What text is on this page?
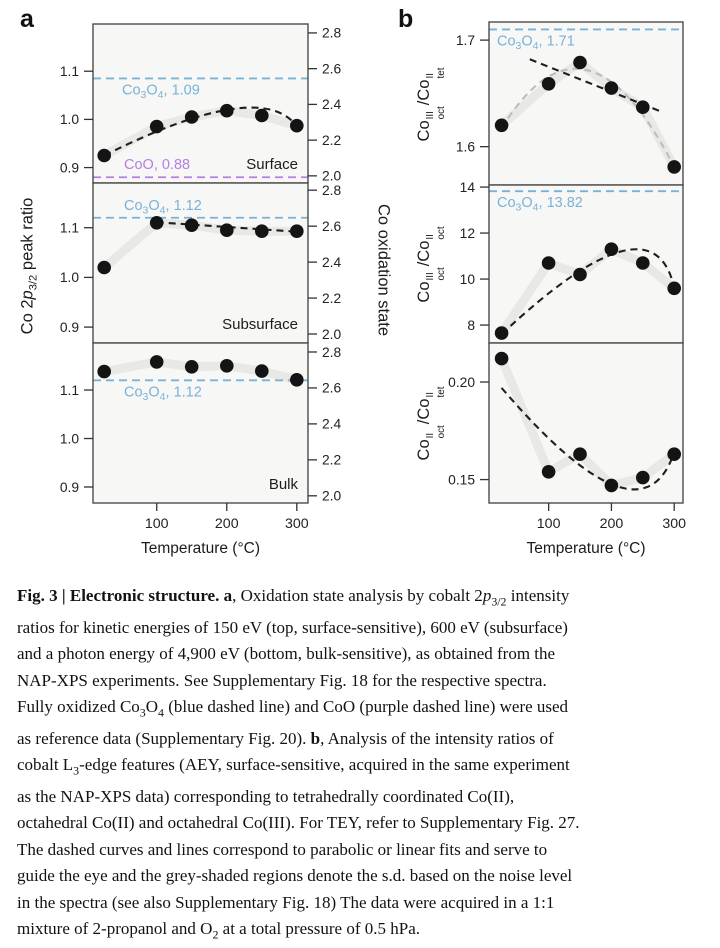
$Co_3O_4$, 1.09
CoO, 0.88	Surface
1.1
1.0
0.9
2.8
2.6
2.4
2.2
2.0
$Co_3O_4$, 1.12
Subsurface
1.1
1.0
0.9
2.8
2.6
2.4
2.2
2.0
$Co_3O_4$, 1.12
Bulk
1.1
1.0
0.9
2.8
2.6
2.4
2.2
2.0
100	200	300
Temperature (°C)
$Co_3O_4$, 1.71
1.7
1.6
$Co_3O_4$, 13.82
14
12
10
8
0.20
0.15
100	200	300
Temperature (°C)
a	b
Co $2p_{3/2}$ peak ratio	Co oxidation state
Co
III oct
/Co
II tet
Co
III oct
/Co
II oct
Co
II oct
/Co
II tet
Fig. 3 | Electronic structure. a, Oxidation state analysis by cobalt $2p_{3/2}$ intensity
ratios for kinetic energies of 150 eV (top, surface-sensitive), 600 eV (subsurface)
and a photon energy of 4,900 eV (bottom, bulk-sensitive), as obtained from the
NAP-XPS experiments. See Supplementary Fig. 18 for the respective spectra.
Fully oxidized $Co_3O_4$ (blue dashed line) and CoO (purple dashed line) were used
as reference data (Supplementary Fig. 20). b, Analysis of the intensity ratios of
cobalt $L_3$-edge features (AEY, surface-sensitive, acquired in the same experiment
as the NAP-XPS data) corresponding to tetrahedrally coordinated Co(II),
octahedral Co(II) and octahedral Co(III). For TEY, refer to Supplementary Fig. 27.
The dashed curves and lines correspond to parabolic or linear fits and serve to
guide the eye and the grey-shaded regions denote the s.d. based on the noise level
in the spectra (see also Supplementary Fig. 18) The data were acquired in a 1:1
mixture of 2-propanol and $O_2$ at a total pressure of 0.5 hPa.
